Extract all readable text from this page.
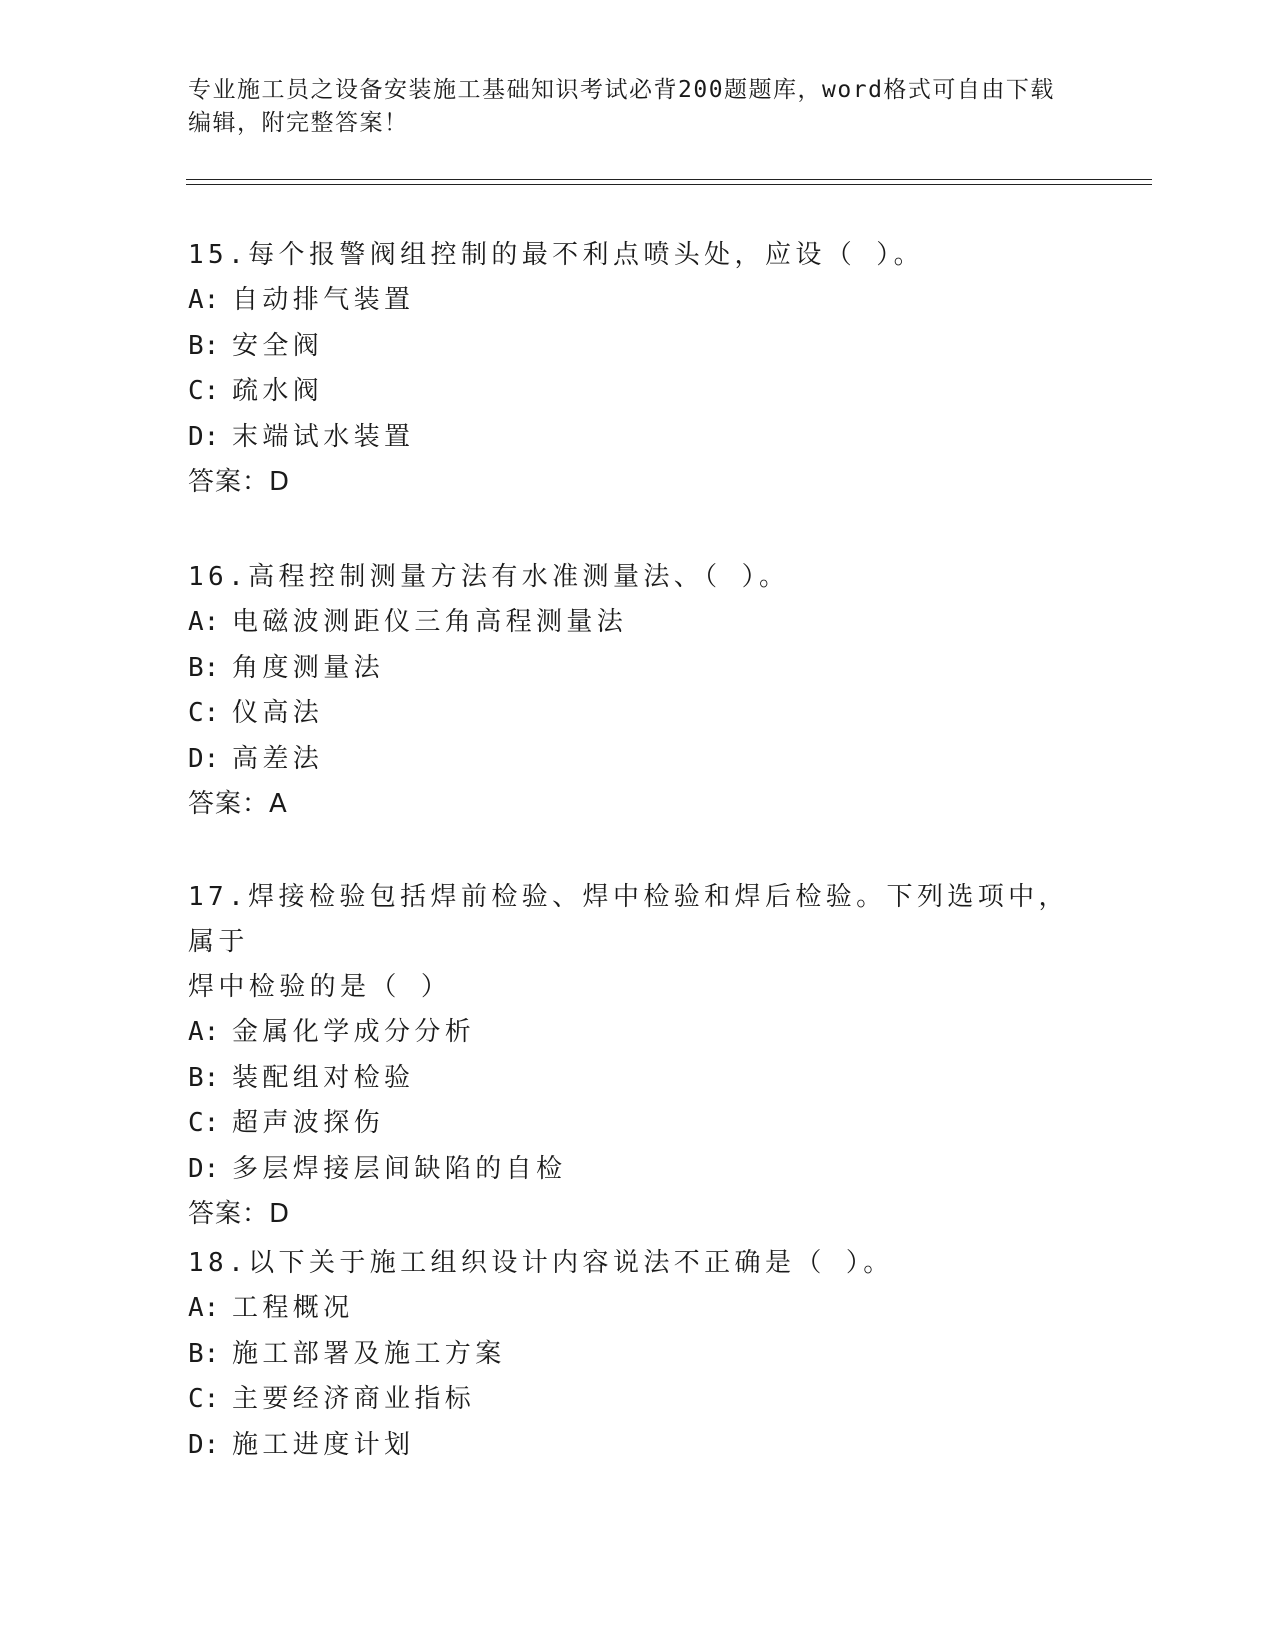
专业施工员之设备安装施工基础知识考试必背200题题库，word格式可自由下载
编辑，附完整答案！
15.每个报警阀组控制的最不利点喷头处，应设（ ）。
A: 自动排气装置
B: 安全阀
C: 疏水阀
D: 末端试水装置
答案：D
16.高程控制测量方法有水准测量法、（ ）。
A: 电磁波测距仪三角高程测量法
B: 角度测量法
C: 仪高法
D: 高差法
答案：A
17.焊接检验包括焊前检验、焊中检验和焊后检验。下列选项中，属于
焊中检验的是（ ）
A: 金属化学成分分析
B: 装配组对检验
C: 超声波探伤
D: 多层焊接层间缺陷的自检
答案：D
18.以下关于施工组织设计内容说法不正确是（ ）。
A: 工程概况
B: 施工部署及施工方案
C: 主要经济商业指标
D: 施工进度计划
